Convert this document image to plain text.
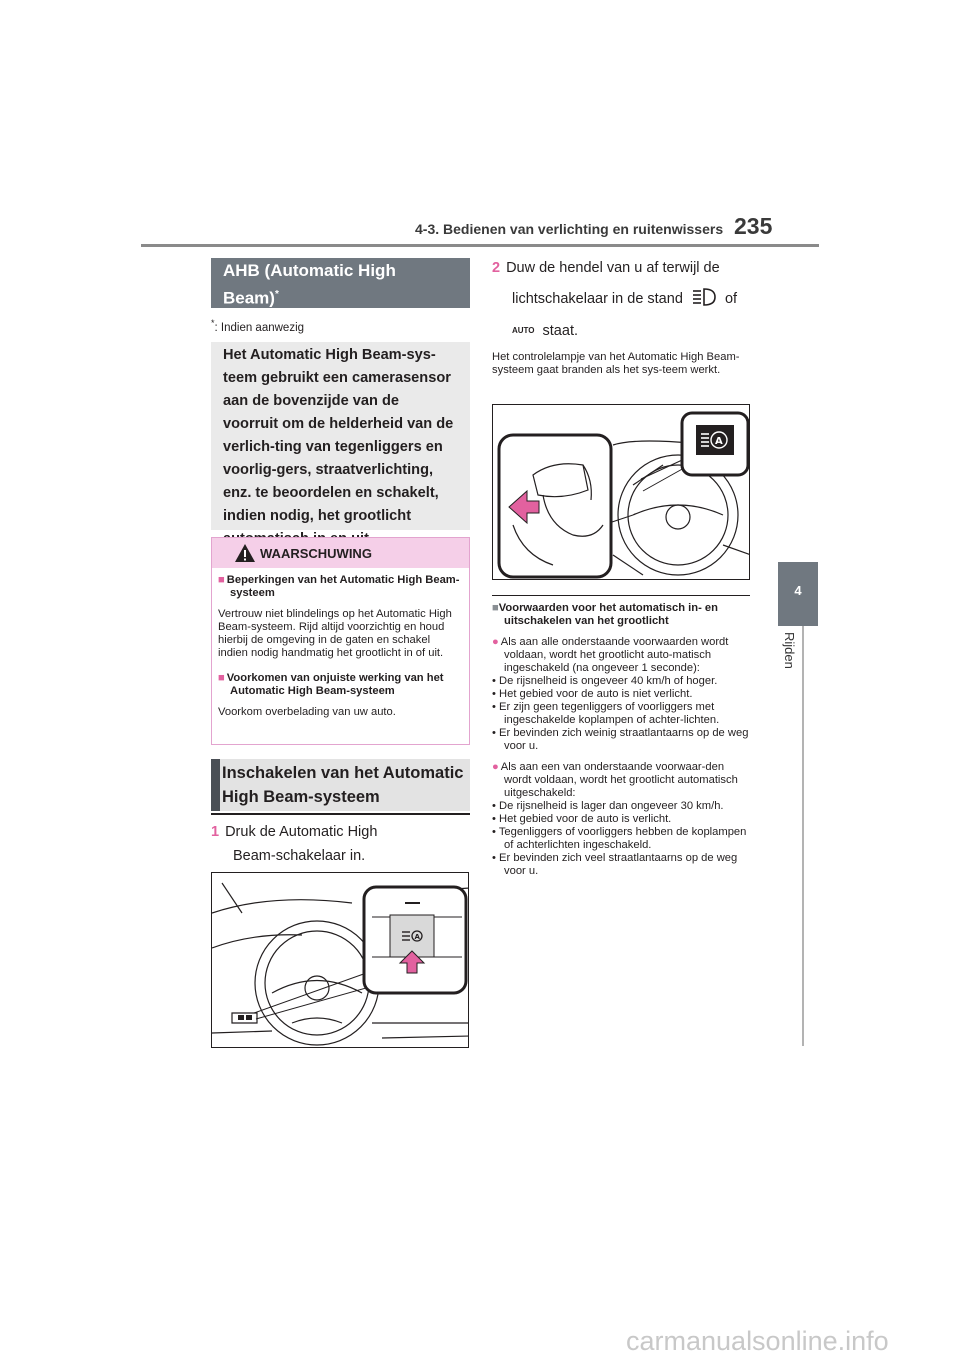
4-3. Bedienen van verlichting en ruitenwissers 235
4
Rijden
AHB (Automatic High
Beam)*
*: Indien aanwezig
Het Automatic High Beam-sys-teem gebruikt een camerasensor aan de bovenzijde van de voorruit om de helderheid van de verlich-ting van tegenliggers en voorlig-gers, straatverlichting, enz. te beoordelen en schakelt, indien nodig, het grootlicht
WAARSCHUWING
■ Beperkingen van het Automatic High Beam-systeem
Vertrouw niet blindelings op het Automatic High Beam-systeem. Rijd altijd voorzichtig en houd hierbij de omgeving in de gaten en schakel indien nodig handmatig het grootlicht in of uit.
■ Voorkomen van onjuiste werking van het Automatic High Beam-systeem
Voorkom overbelading van uw auto.
Inschakelen van het Automatic
High Beam-systeem
1 Druk de Automatic High
Beam-schakelaar in.
A
2 Duw de hendel van u af terwijl de
lichtschakelaar in de stand	of
AUTO staat.
Het controlelampje van het Automatic High Beam-systeem gaat branden als het sys-teem werkt.
A
■Voorwaarden voor het automatisch in- en uitschakelen van het grootlicht
● Als aan alle onderstaande voorwaarden wordt voldaan, wordt het grootlicht auto-matisch ingeschakeld (na ongeveer 1 seconde):
• De rijsnelheid is ongeveer 40 km/h of hoger.
• Het gebied voor de auto is niet verlicht.
• Er zijn geen tegenliggers of voorliggers met ingeschakelde koplampen of achter-lichten.
• Er bevinden zich weinig straatlantaarns op de weg voor u.
● Als aan een van onderstaande voorwaar-den wordt voldaan, wordt het grootlicht automatisch uitgeschakeld:
• De rijsnelheid is lager dan ongeveer 30 km/h.
• Het gebied voor de auto is verlicht.
• Tegenliggers of voorliggers hebben de koplampen of achterlichten ingeschakeld.
• Er bevinden zich veel straatlantaarns op de weg voor u.
carmanualsonline.info
